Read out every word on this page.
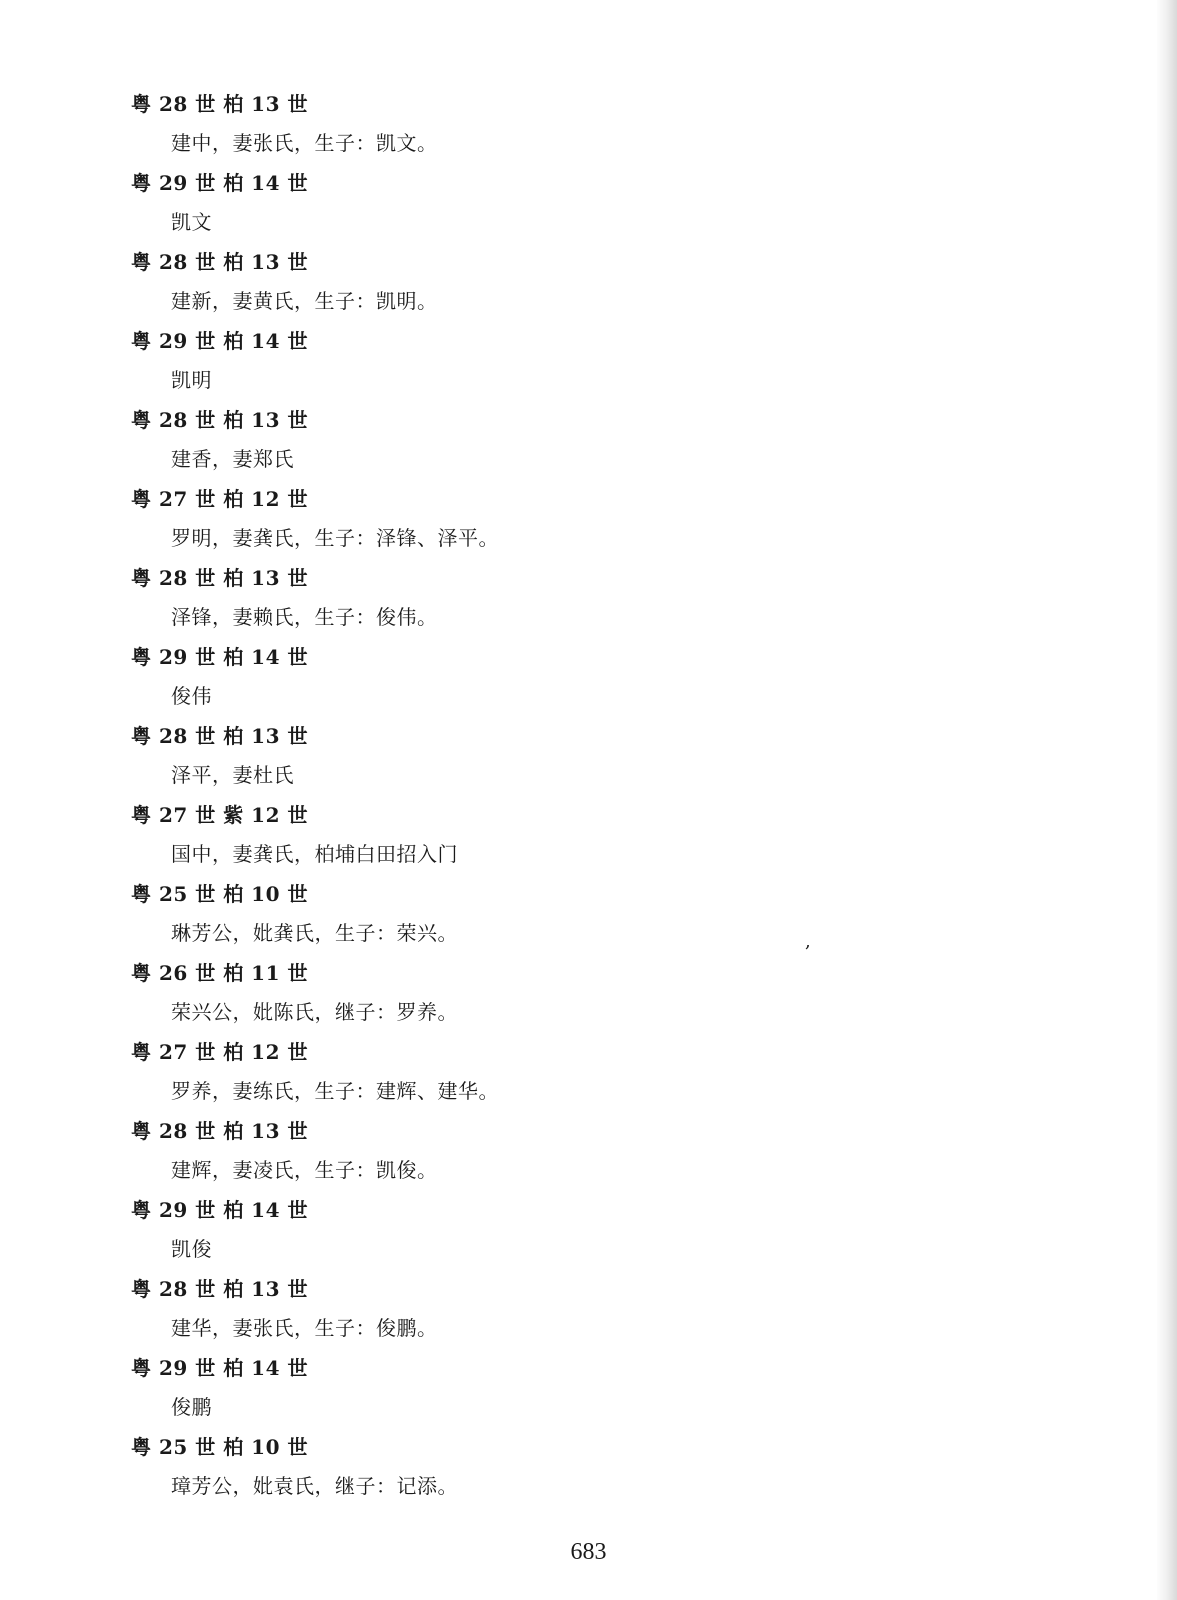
粤 28 世 柏 13 世
建中，妻张氏，生子：凯文。
粤 29 世 柏 14 世
凯文
粤 28 世 柏 13 世
建新，妻黄氏，生子：凯明。
粤 29 世 柏 14 世
凯明
粤 28 世 柏 13 世
建香，妻郑氏
粤 27 世 柏 12 世
罗明，妻龚氏，生子：泽锋、泽平。
粤 28 世 柏 13 世
泽锋，妻赖氏，生子：俊伟。
粤 29 世 柏 14 世
俊伟
粤 28 世 柏 13 世
泽平，妻杜氏
粤 27 世 紫 12 世
国中，妻龚氏，柏埔白田招入门
粤 25 世 柏 10 世
琳芳公，妣龚氏，生子：荣兴。
粤 26 世 柏 11 世
荣兴公，妣陈氏，继子：罗养。
粤 27 世 柏 12 世
罗养，妻练氏，生子：建辉、建华。
粤 28 世 柏 13 世
建辉，妻凌氏，生子：凯俊。
粤 29 世 柏 14 世
凯俊
粤 28 世 柏 13 世
建华，妻张氏，生子：俊鹏。
粤 29 世 柏 14 世
俊鹏
粤 25 世 柏 10 世
璋芳公，妣袁氏，继子：记添。
,
683
